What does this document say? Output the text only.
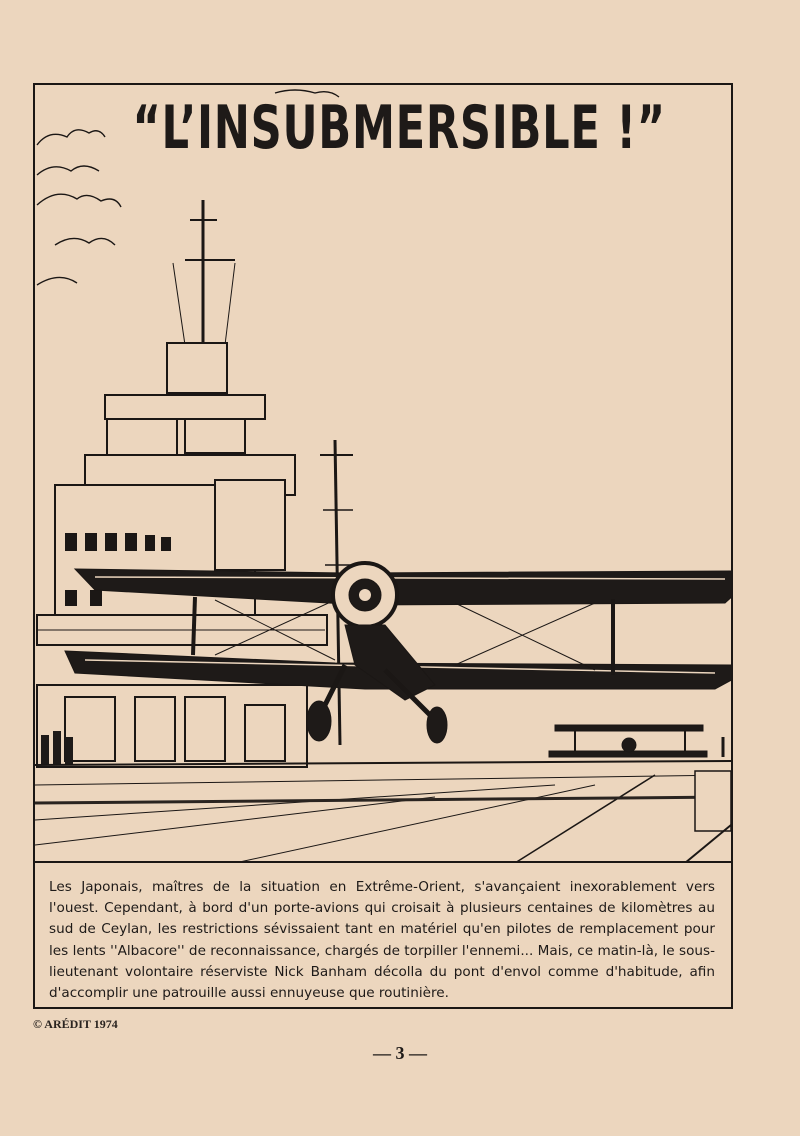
“L’INSUBMERSIBLE !”

Les Japonais, maîtres de la situation en Extrême-Orient, s'avançaient inexorablement vers l'ouest. Cependant, à bord d'un porte-avions qui croisait à plusieurs centaines de kilomètres au sud de Ceylan, les restrictions sévissaient tant en matériel qu'en pilotes de remplacement pour les lents ''Albacore'' de reconnaissance, chargés de torpiller l'ennemi... Mais, ce matin-là, le sous-lieutenant volontaire réserviste Nick Banham décolla du pont d'envol comme d'habitude, afin d'accomplir une patrouille aussi ennuyeuse que routinière.

© ARÉDIT 1974
— 3 —
